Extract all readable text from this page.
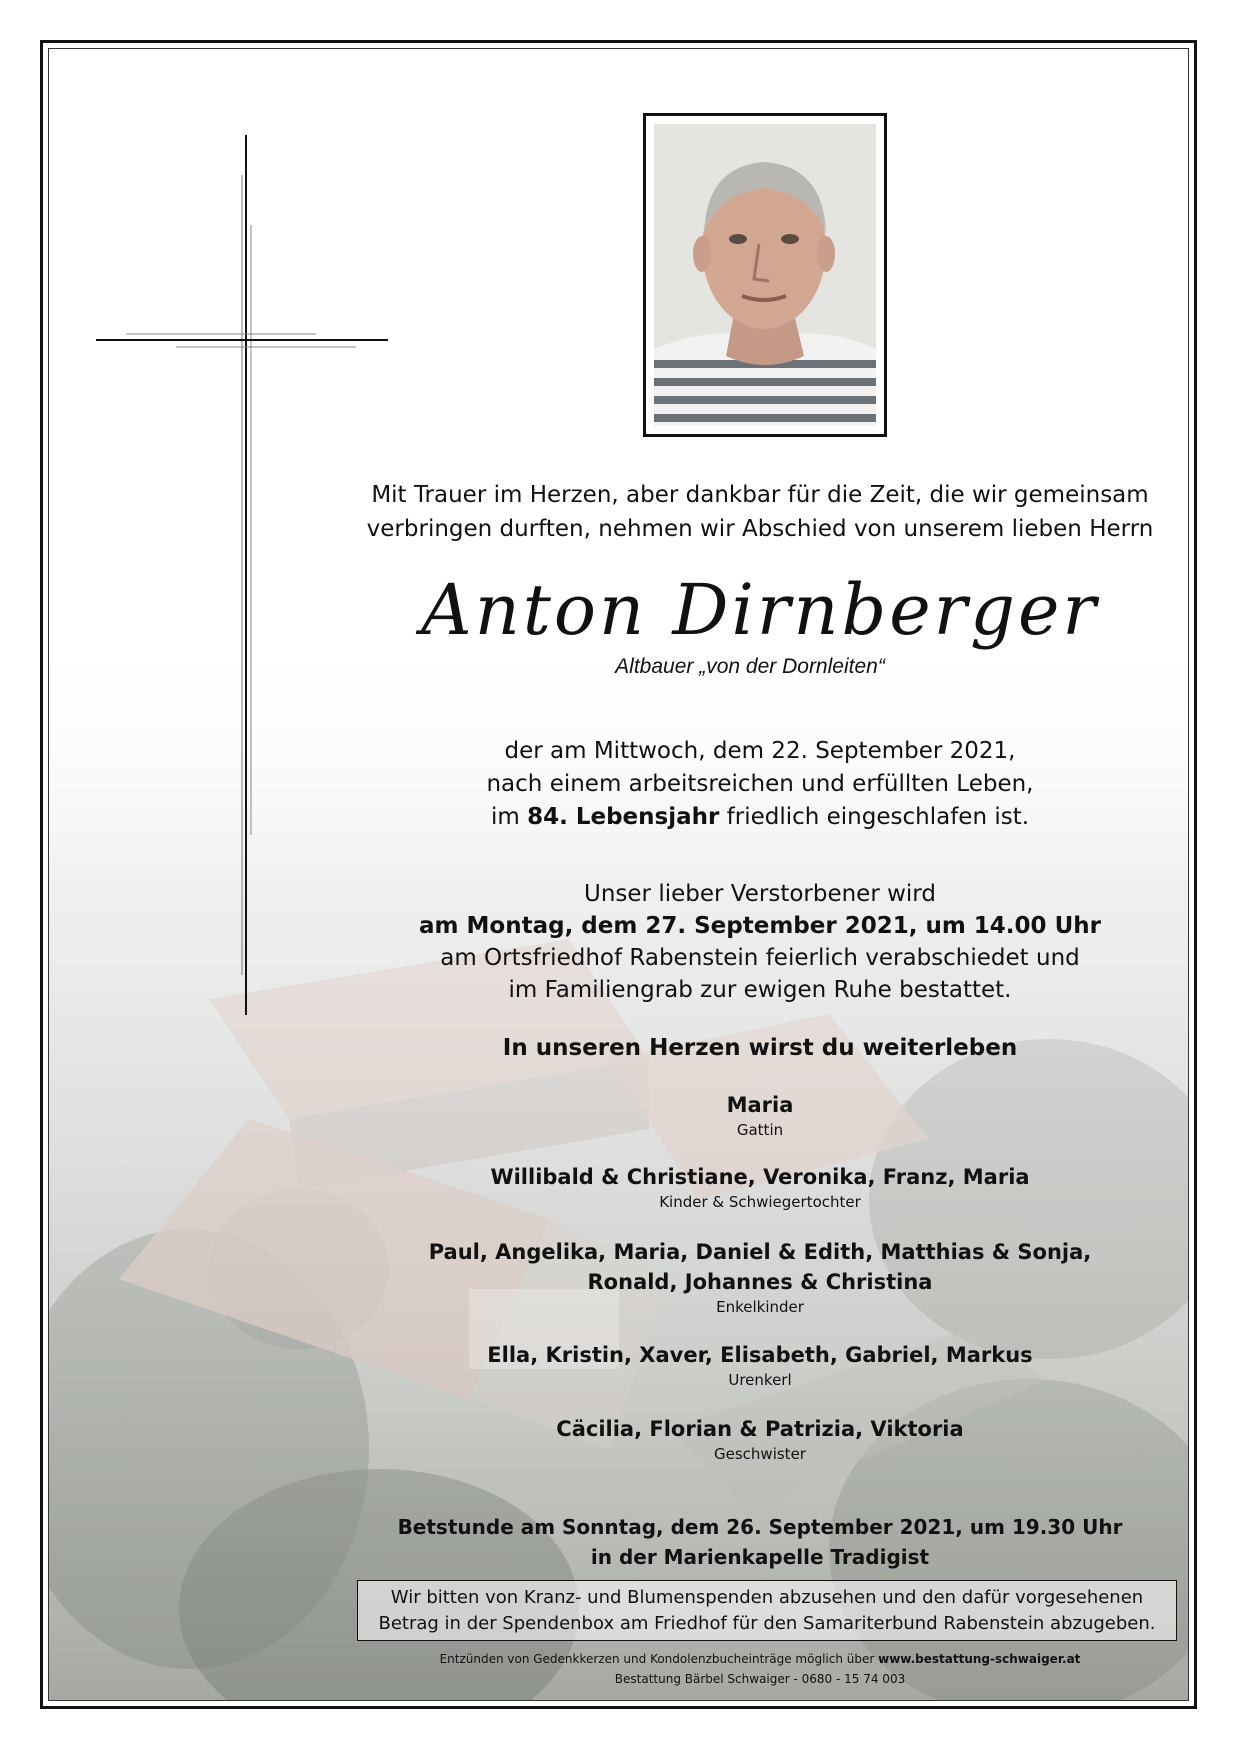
Mit Trauer im Herzen, aber dankbar für die Zeit, die wir gemeinsam
verbringen durften, nehmen wir Abschied von unserem lieben Herrn
Anton Dirnberger
Altbauer „von der Dornleiten“
der am Mittwoch, dem 22. September 2021,
nach einem arbeitsreichen und erfüllten Leben,
im 84. Lebensjahr friedlich eingeschlafen ist.
Unser lieber Verstorbener wird
am Montag, dem 27. September 2021, um 14.00 Uhr
am Ortsfriedhof Rabenstein feierlich verabschiedet und
im Familiengrab zur ewigen Ruhe bestattet.
In unseren Herzen wirst du weiterleben
Maria
Gattin
Willibald & Christiane, Veronika, Franz, Maria
Kinder & Schwiegertochter
Paul, Angelika, Maria, Daniel & Edith, Matthias & Sonja,
Ronald, Johannes & Christina
Enkelkinder
Ella, Kristin, Xaver, Elisabeth, Gabriel, Markus
Urenkerl
Cäcilia, Florian & Patrizia, Viktoria
Geschwister
Betstunde am Sonntag, dem 26. September 2021, um 19.30 Uhr
in der Marienkapelle Tradigist
Wir bitten von Kranz- und Blumenspenden abzusehen und den dafür vorgesehenen
Betrag in der Spendenbox am Friedhof für den Samariterbund Rabenstein abzugeben.
Entzünden von Gedenkkerzen und Kondolenzbucheinträge möglich über www.bestattung-schwaiger.at
Bestattung Bärbel Schwaiger - 0680 - 15 74 003
